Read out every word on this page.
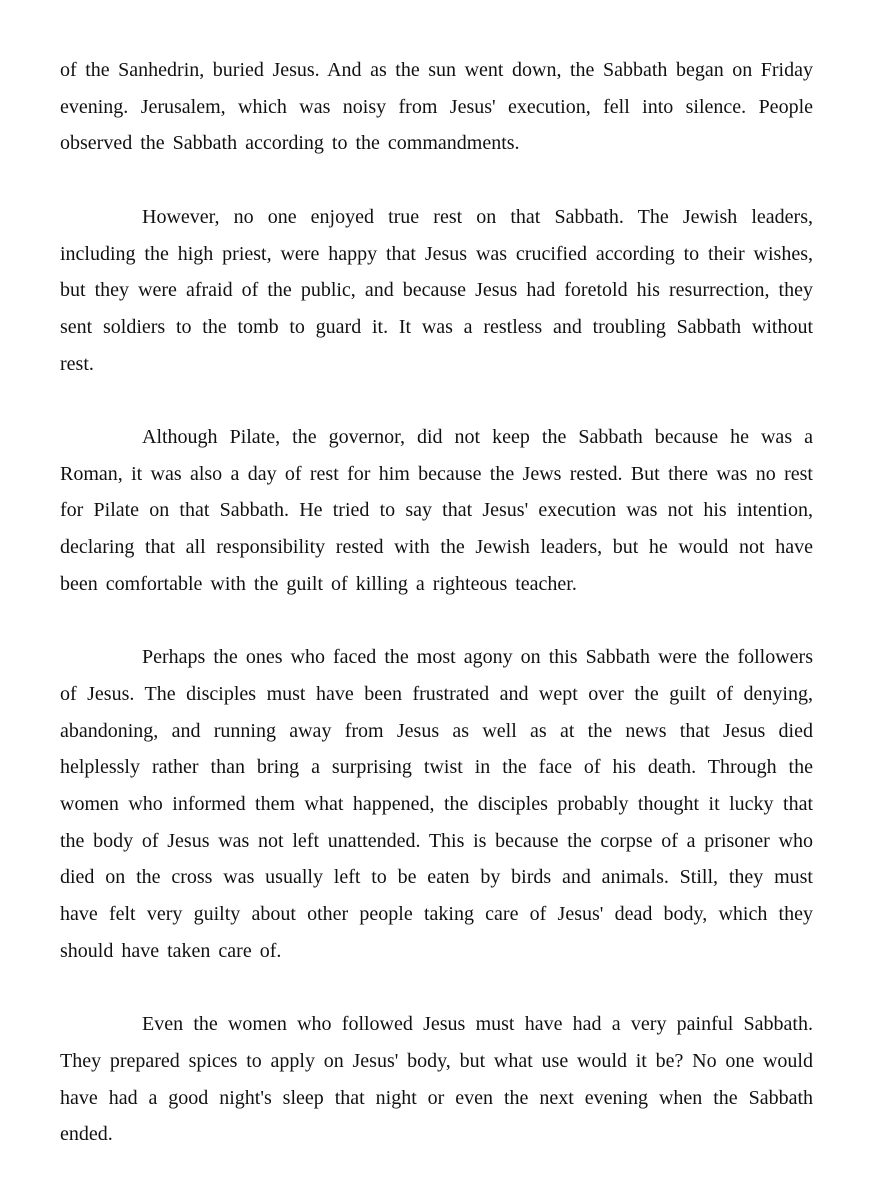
of the Sanhedrin, buried Jesus. And as the sun went down, the Sabbath began on Friday evening. Jerusalem, which was noisy from Jesus' execution, fell into silence. People observed the Sabbath according to the commandments.

However, no one enjoyed true rest on that Sabbath. The Jewish leaders, including the high priest, were happy that Jesus was crucified according to their wishes, but they were afraid of the public, and because Jesus had foretold his resurrection, they sent soldiers to the tomb to guard it. It was a restless and troubling Sabbath without rest.

Although Pilate, the governor, did not keep the Sabbath because he was a Roman, it was also a day of rest for him because the Jews rested. But there was no rest for Pilate on that Sabbath. He tried to say that Jesus' execution was not his intention, declaring that all responsibility rested with the Jewish leaders, but he would not have been comfortable with the guilt of killing a righteous teacher.

Perhaps the ones who faced the most agony on this Sabbath were the followers of Jesus. The disciples must have been frustrated and wept over the guilt of denying, abandoning, and running away from Jesus as well as at the news that Jesus died helplessly rather than bring a surprising twist in the face of his death. Through the women who informed them what happened, the disciples probably thought it lucky that the body of Jesus was not left unattended. This is because the corpse of a prisoner who died on the cross was usually left to be eaten by birds and animals. Still, they must have felt very guilty about other people taking care of Jesus' dead body, which they should have taken care of.

Even the women who followed Jesus must have had a very painful Sabbath. They prepared spices to apply on Jesus' body, but what use would it be? No one would have had a good night's sleep that night or even the next evening when the Sabbath ended.
